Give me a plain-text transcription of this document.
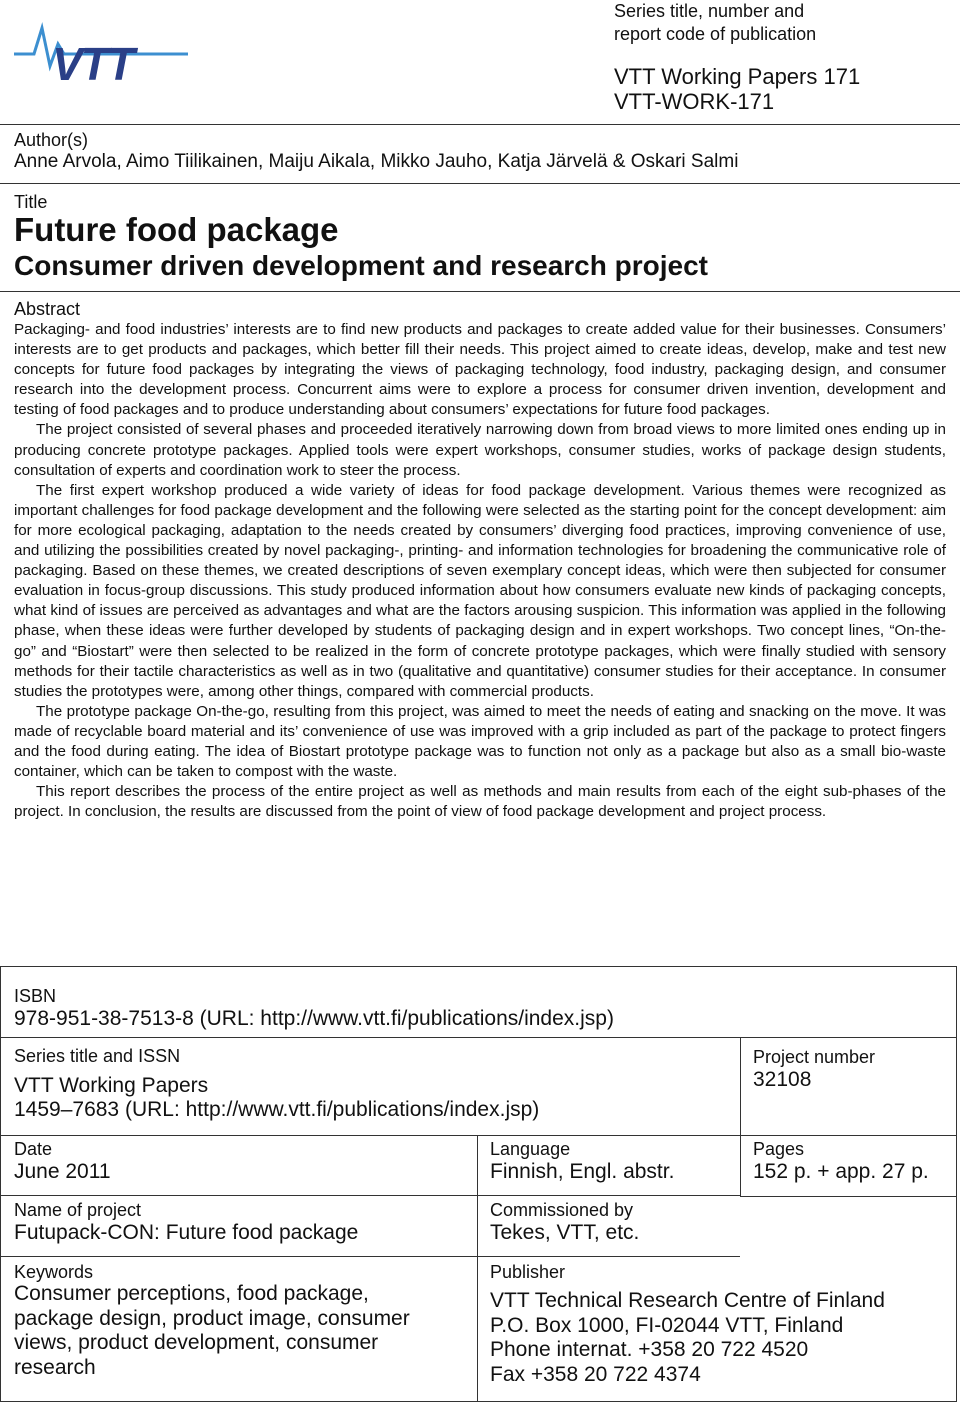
VTT
Series title, number and
report code of publication
VTT Working Papers 171
VTT-WORK-171
Author(s)
Anne Arvola, Aimo Tiilikainen, Maiju Aikala, Mikko Jauho, Katja Järvelä & Oskari Salmi
Title
Future food package
Consumer driven development and research project
Abstract

Packaging- and food industries’ interests are to find new products and packages to create added value for their businesses. Consumers’ interests are to get products and packages, which better fill their needs. This project aimed to create ideas, develop, make and test new concepts for future food packages by integrating the views of packaging technology, food industry, packaging design, and consumer research into the development process. Concurrent aims were to explore a process for consumer driven invention, development and testing of food packages and to produce understanding about consumers’ expectations for future food packages.

The project consisted of several phases and proceeded iteratively narrowing down from broad views to more limited ones ending up in producing concrete prototype packages. Applied tools were expert workshops, consumer studies, works of package design students, consultation of experts and coordination work to steer the process.

The first expert workshop produced a wide variety of ideas for food package development. Various themes were recognized as important challenges for food package development and the following were selected as the starting point for the concept development: aim for more ecological packaging, adaptation to the needs created by consumers’ diverging food practices, improving convenience of use, and utilizing the possibilities created by novel packaging-, printing- and information technologies for broadening the communicative role of packaging. Based on these themes, we created descriptions of seven exemplary concept ideas, which were then subjected for consumer evaluation in focus-group discussions. This study produced information about how consumers evaluate new kinds of packaging concepts, what kind of issues are perceived as advantages and what are the factors arousing suspicion. This information was applied in the following phase, when these ideas were further developed by students of packaging design and in expert workshops. Two concept lines, “On-the-go” and “Biostart” were then selected to be realized in the form of concrete prototype packages, which were finally studied with sensory methods for their tactile characteristics as well as in two (qualitative and quantitative) consumer studies for their acceptance. In consumer studies the prototypes were, among other things, compared with commercial products.

The prototype package On-the-go, resulting from this project, was aimed to meet the needs of eating and snacking on the move. It was made of recyclable board material and its’ convenience of use was improved with a grip included as part of the package to protect fingers and the food during eating. The idea of Biostart prototype package was to function not only as a package but also as a small bio-waste container, which can be taken to compost with the waste.

This report describes the process of the entire project as well as methods and main results from each of the eight sub-phases of the project. In conclusion, the results are discussed from the point of view of food package development and project process.

ISBN
978-951-38-7513-8 (URL: http://www.vtt.fi/publications/index.jsp)
Series title and ISSN
VTT Working Papers
1459–7683 (URL: http://www.vtt.fi/publications/index.jsp)
Project number
32108
Date
June 2011
Language
Finnish, Engl. abstr.
Pages
152 p. + app. 27 p.
Name of project
Futupack-CON: Future food package
Commissioned by
Tekes, VTT, etc.
Keywords
Consumer perceptions, food package,
package design, product image, consumer
views, product development, consumer
research
Publisher
VTT Technical Research Centre of Finland
P.O. Box 1000, FI-02044 VTT, Finland
Phone internat. +358 20 722 4520
Fax +358 20 722 4374
